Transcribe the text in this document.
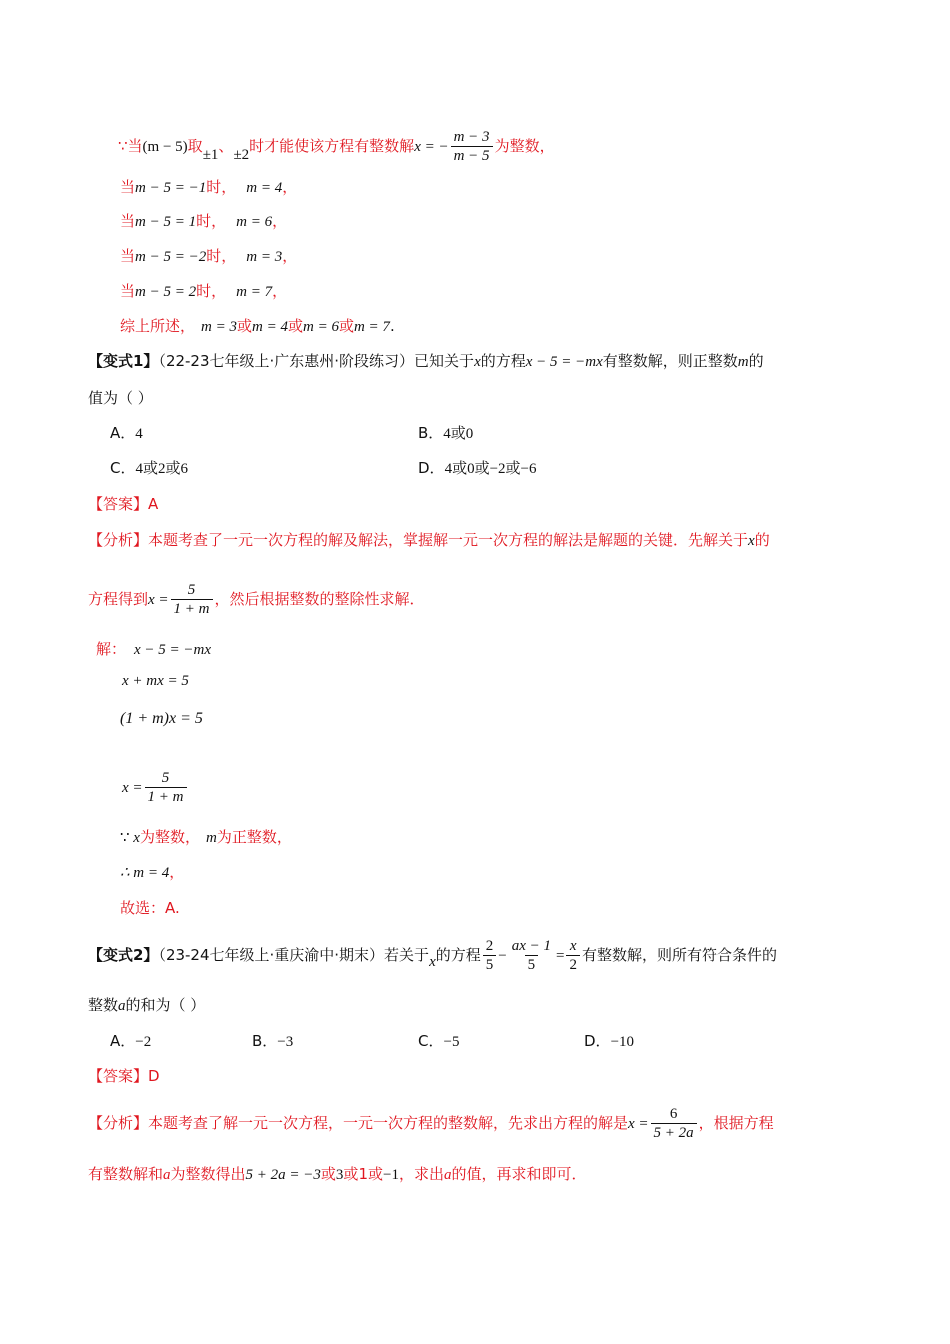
∵当(m − 5)取±1、±2时才能使该方程有整数解x = − $\frac{m - 3}{m - 5}$ 为整数，
当m − 5 = −1时， m = 4，
当m − 5 = 1时， m = 6，
当m − 5 = −2时， m = 3，
当m − 5 = 2时， m = 7，
综上所述， m = 3或m = 4或m = 6或m = 7.
【变式1】（22-23七年级上·广东惠州·阶段练习）已知关于x的方程x − 5 = −mx有整数解，则正整数m的
值为（ ）
A．4	B．4或0
C．4或2或6	D．4或0或−2或−6
【答案】A
【分析】本题考查了一元一次方程的解及解法，掌握解一元一次方程的解法是解题的关键．先解关于x的
方程得到$x = \frac{5}{1 + m}$ ，然后根据整数的整除性求解．
解： x − 5 = −mx
x + mx = 5
(1 + m)x = 5
$x = \frac{5}{1 + m}$
∵ x为整数， m为正整数，
∴ m = 4，
故选：A.
【变式2】（23-24七年级上·重庆渝中·期末）若关于x的方程 $\frac{2}{5} - \frac{ax - 1}{5} = \frac{x}{2}$ 有整数解，则所有符合条件的
整数a的和为（ ）
A．−2	B．−3	C．−5	D．−10
【答案】D
【分析】本题考查了解一元一次方程，一元一次方程的整数解，先求出方程的解是$x = \frac{6}{5 + 2a}$ ，根据方程
有整数解和a为整数得出5 + 2a = −3或3或1或−1，求出a的值，再求和即可．
